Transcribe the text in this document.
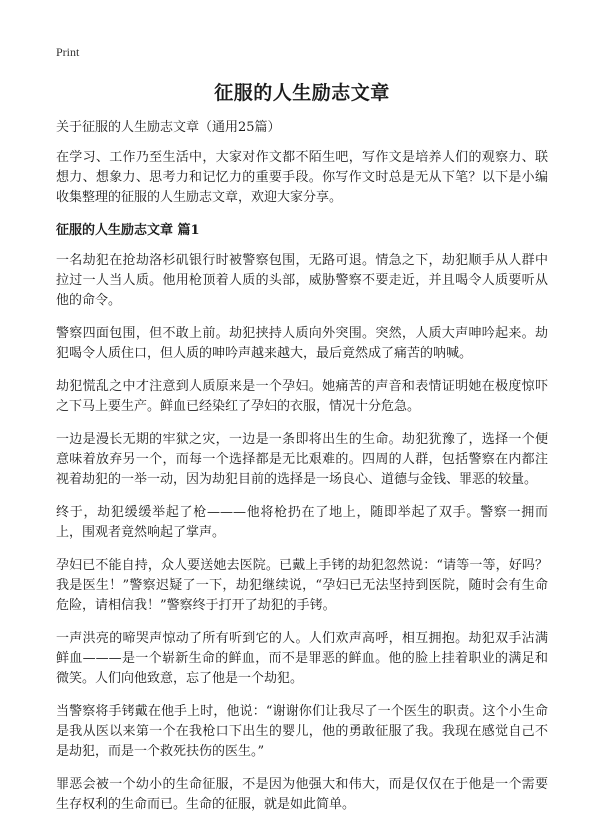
Print
征服的人生励志文章
关于征服的人生励志文章（通用25篇）

在学习、工作乃至生活中，大家对作文都不陌生吧，写作文是培养人们的观察力、联想力、想象力、思考力和记忆力的重要手段。你写作文时总是无从下笔？以下是小编收集整理的征服的人生励志文章，欢迎大家分享。

征服的人生励志文章 篇1

一名劫犯在抢劫洛杉矶银行时被警察包围，无路可退。情急之下，劫犯顺手从人群中拉过一人当人质。他用枪顶着人质的头部，威胁警察不要走近，并且喝令人质要听从他的命令。

警察四面包围，但不敢上前。劫犯挟持人质向外突围。突然，人质大声呻吟起来。劫犯喝令人质住口，但人质的呻吟声越来越大，最后竟然成了痛苦的呐喊。

劫犯慌乱之中才注意到人质原来是一个孕妇。她痛苦的声音和表情证明她在极度惊吓之下马上要生产。鲜血已经染红了孕妇的衣服，情况十分危急。

一边是漫长无期的牢狱之灾，一边是一条即将出生的生命。劫犯犹豫了，选择一个便意味着放弃另一个，而每一个选择都是无比艰难的。四周的人群，包括警察在内都注视着劫犯的一举一动，因为劫犯目前的选择是一场良心、道德与金钱、罪恶的较量。

终于，劫犯缓缓举起了枪———他将枪扔在了地上，随即举起了双手。警察一拥而上，围观者竟然响起了掌声。

孕妇已不能自持，众人要送她去医院。已戴上手铐的劫犯忽然说：“请等一等，好吗？我是医生！”警察迟疑了一下，劫犯继续说，“孕妇已无法坚持到医院，随时会有生命危险，请相信我！”警察终于打开了劫犯的手铐。

一声洪亮的啼哭声惊动了所有听到它的人。人们欢声高呼，相互拥抱。劫犯双手沾满鲜血———是一个崭新生命的鲜血，而不是罪恶的鲜血。他的脸上挂着职业的满足和微笑。人们向他致意，忘了他是一个劫犯。

当警察将手铐戴在他手上时，他说：“谢谢你们让我尽了一个医生的职责。这个小生命是我从医以来第一个在我枪口下出生的婴儿，他的勇敢征服了我。我现在感觉自己不是劫犯，而是一个救死扶伤的医生。”

罪恶会被一个幼小的生命征服，不是因为他强大和伟大，而是仅仅在于他是一个需要生存权利的生命而已。生命的征服，就是如此简单。
